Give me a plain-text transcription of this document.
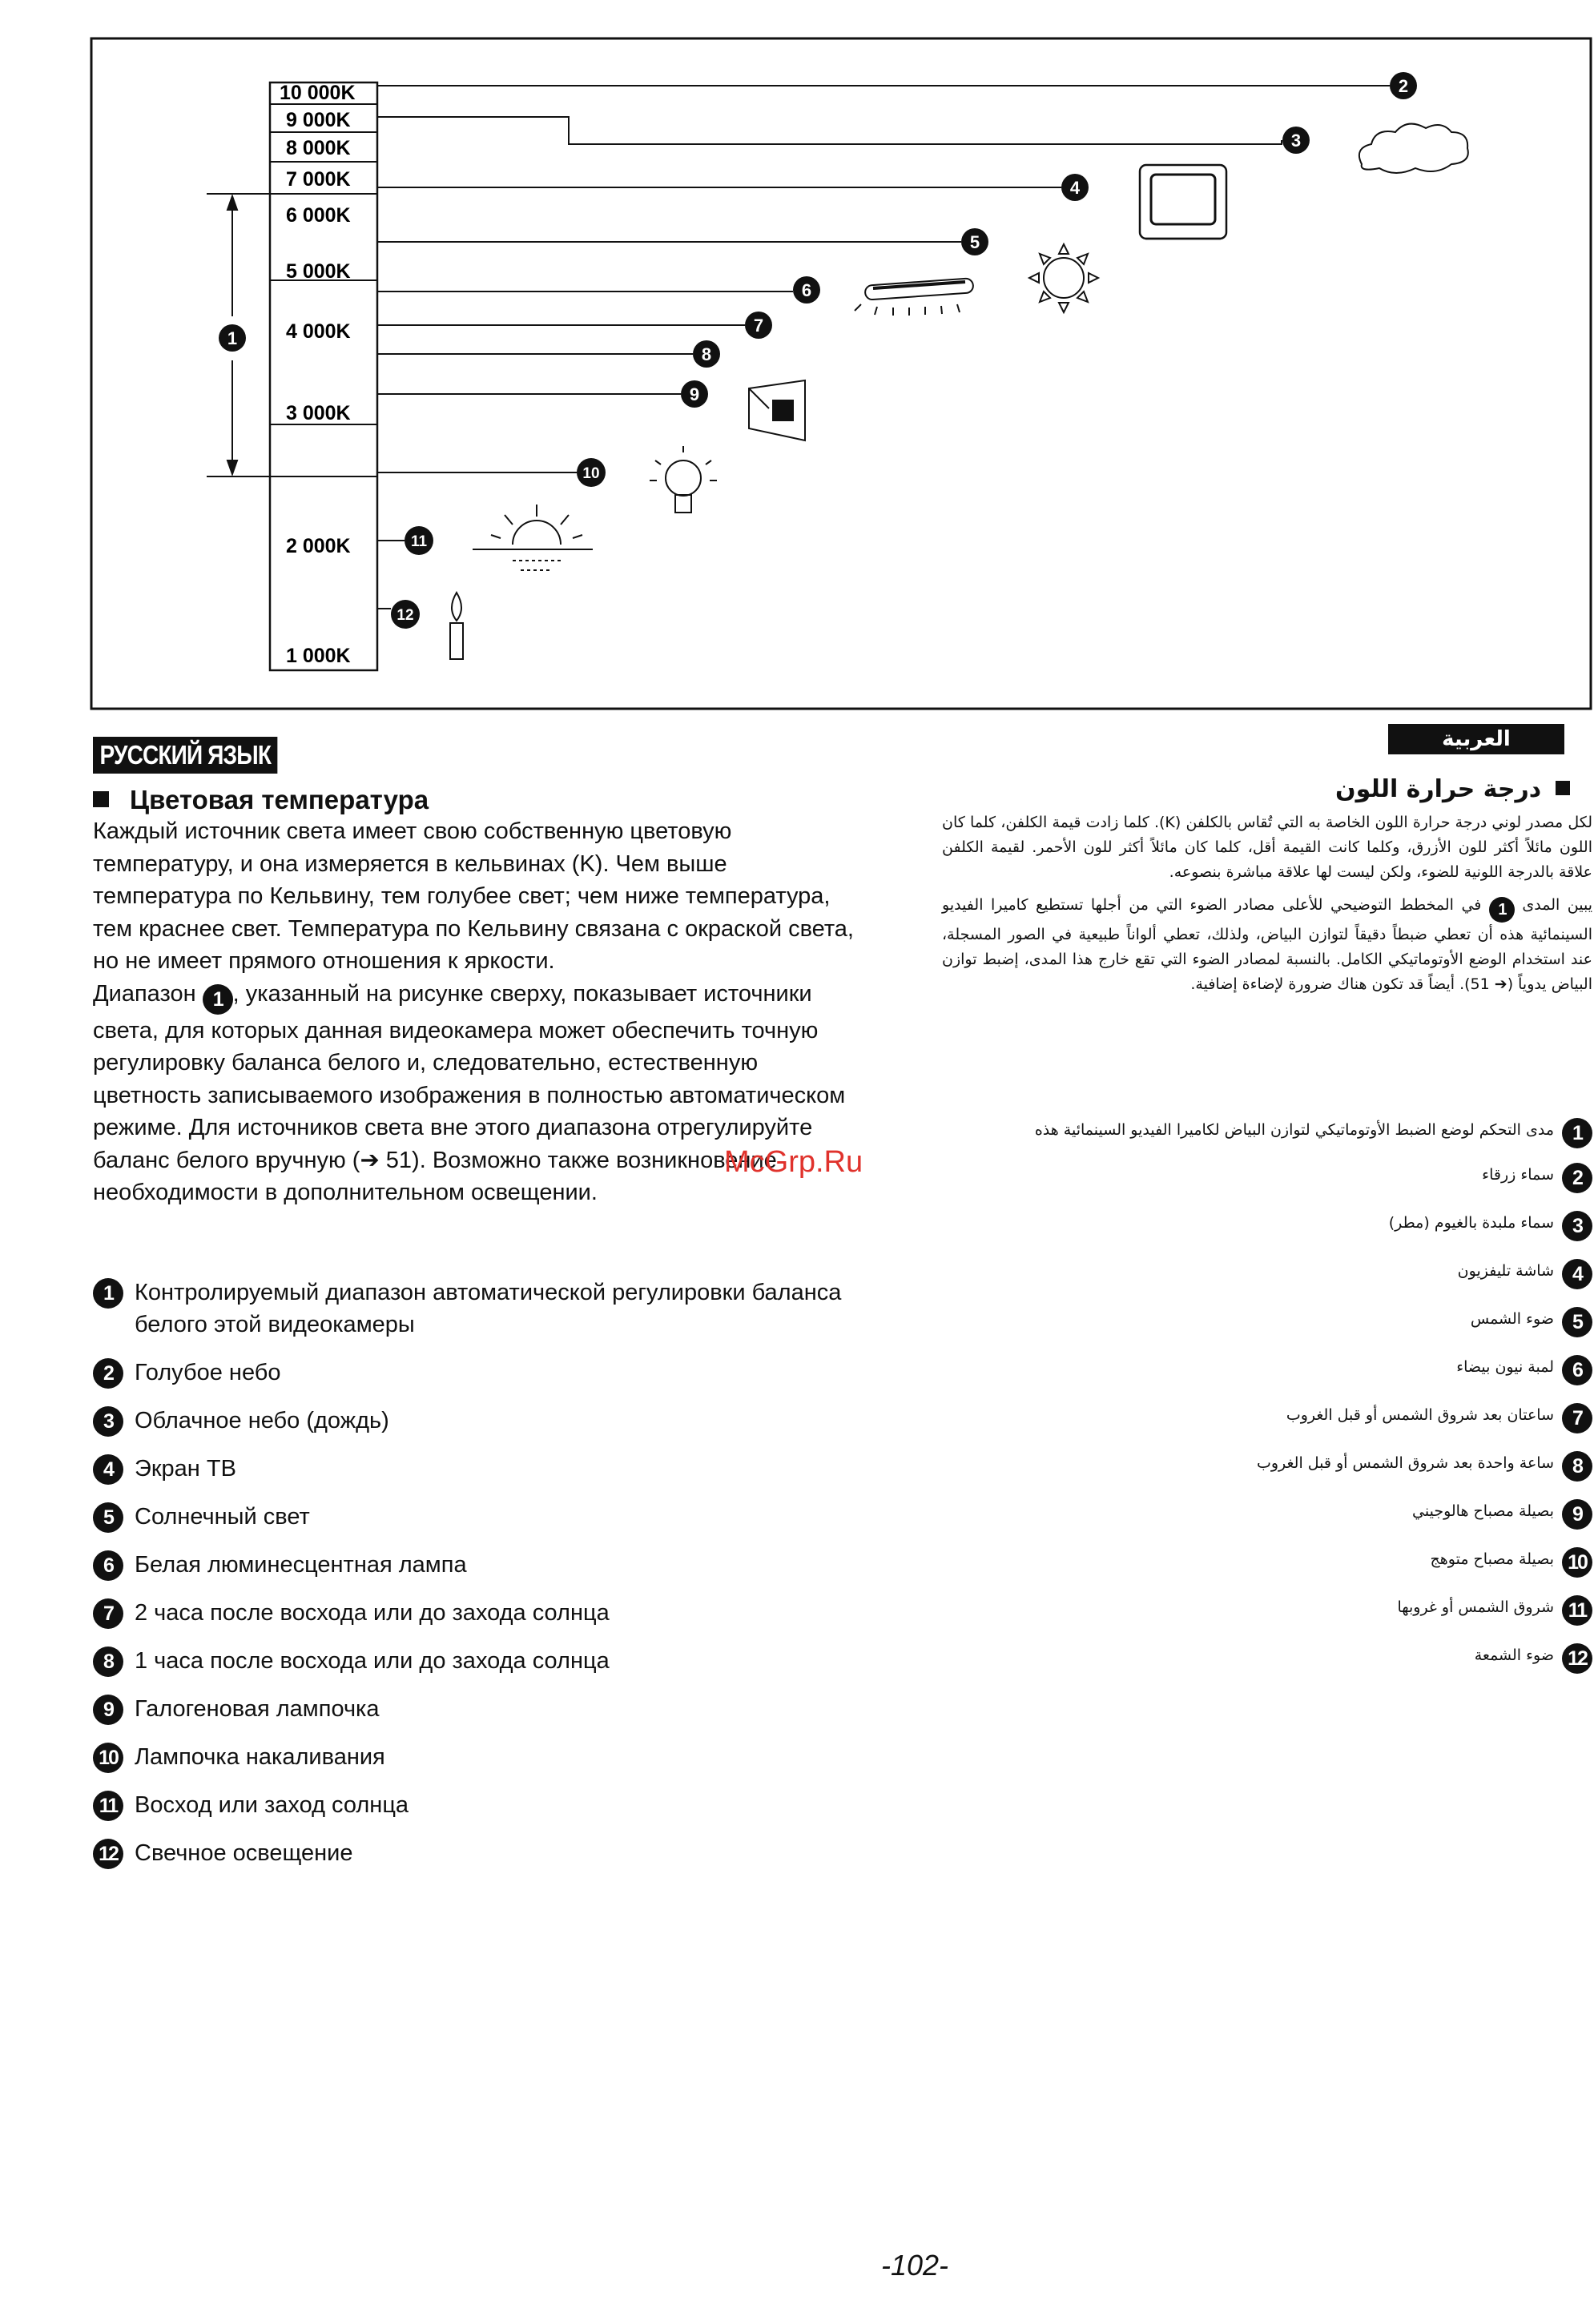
10 000K
9 000K
8 000K
7 000K
6 000K
5 000K
4 000K
3 000K
2 000K
1 000K
1
2
3
4
5
6
7
8
9
10
11
12
РУССКИЙ ЯЗЫК
Цветовая температура

Каждый источник света имеет свою собственную цветовую температуру, и она измеряется в кельвинах (K). Чем выше температура по Кельвину, тем голубее свет; чем ниже температура, тем краснее свет. Температура по Кельвину связана с окраской света, но не имеет прямого отношения к яркости.

Диапазон 1 , указанный на рисунке сверху, показывает источники света, для которых данная видеокамера может обеспечить точную регулировку баланса белого и, следовательно, естественную цветность записываемого изображения в полностью автоматическом режиме. Для источников света вне этого диапазона отрегулируйте баланс белого вручную (➔ 51). Возможно также возникновение необходимости в дополнительном освещении.

1 Контролируемый диапазон автоматической регулировки баланса белого этой видеокамеры
2 Голубое небо
3 Облачное небо (дождь)
4 Экран ТВ
5 Солнечный свет
6 Белая люминесцентная лампа
7 2 часа после восхода или до захода солнца
8 1 часа после восхода или до захода солнца
9 Галогеновая лампочка
10 Лампочка накаливания
11 Восход или заход солнца
12 Свечное освещение
العربية
درجة حرارة اللون

لكل مصدر لوني درجة حرارة اللون الخاصة به التي تُقاس بالكلفن (K). كلما زادت قيمة الكلفن، كلما كان اللون مائلاً أكثر للون الأزرق، وكلما كانت القيمة أقل، كلما كان مائلاً أكثر للون الأحمر. لقيمة الكلفن علاقة بالدرجة اللونية للضوء، ولكن ليست لها علاقة مباشرة بنصوعه.

يبين المدى 1 في المخطط التوضيحي للأعلى مصادر الضوء التي من أجلها تستطيع كاميرا الفيديو السينمائية هذه أن تعطي ضبطاً دقيقاً لتوازن البياض، ولذلك، تعطي ألواناً طبيعية في الصور المسجلة، عند استخدام الوضع الأوتوماتيكي الكامل. بالنسبة لمصادر الضوء التي تقع خارج هذا المدى، إضبط توازن البياض يدوياً (➔ 51). أيضاً قد تكون هناك ضرورة لإضاءة إضافية.

1
مدى التحكم لوضع الضبط الأوتوماتيكي لتوازن البياض لكاميرا الفيديو السينمائية هذه
2
سماء زرقاء
3
سماء ملبدة بالغيوم (مطر)
4
شاشة تليفزيون
5
ضوء الشمس
6
لمبة نيون بيضاء
7
ساعتان بعد شروق الشمس أو قبل الغروب
8
ساعة واحدة بعد شروق الشمس أو قبل الغروب
9
بصيلة مصباح هالوجيني
10
بصيلة مصباح متوهج
11
شروق الشمس أو غروبها
12
ضوء الشمعة
McGrp.Ru
-102-
